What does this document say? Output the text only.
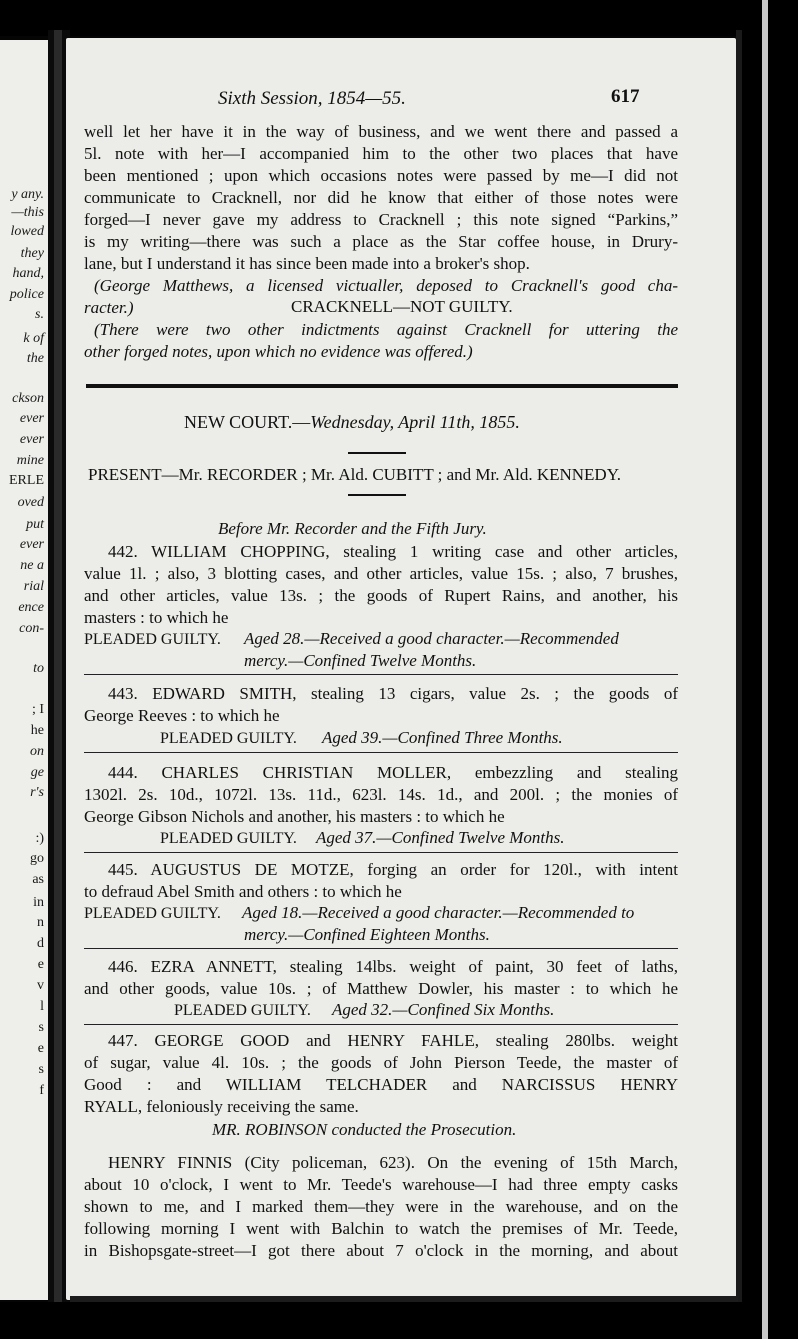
y any.
—this
lowed
they
hand,
police
s.
k of
the
ckson
ever
ever
mine
ERLE
oved
put
ever
ne a
rial
ence
con-
to
; I
he
on
ge
r's
:)
go
as
in
n
d
e
v
l
s
e
s
f
Sixth Session, 1854—55.	617
well let her have it in the way of business, and we went there and passed a
5l. note with her—I accompanied him to the other two places that have
been mentioned ; upon which occasions notes were passed by me—I did not
communicate to Cracknell, nor did he know that either of those notes were
forged—I never gave my address to Cracknell ; this note signed “Parkins,”
is my writing—there was such a place as the Star coffee house, in Drury-
lane, but I understand it has since been made into a broker's shop.
(George Matthews, a licensed victualler, deposed to Cracknell's good cha-
racter.)	CRACKNELL—NOT GUILTY.
(There were two other indictments against Cracknell for uttering the
other forged notes, upon which no evidence was offered.)
NEW COURT.—Wednesday, April 11th, 1855.
PRESENT—Mr. RECORDER ; Mr. Ald. CUBITT ; and Mr. Ald. KENNEDY.
Before Mr. Recorder and the Fifth Jury.
442. WILLIAM CHOPPING, stealing 1 writing case and other articles,
value 1l. ; also, 3 blotting cases, and other articles, value 15s. ; also, 7 brushes,
and other articles, value 13s. ; the goods of Rupert Rains, and another, his
masters : to which he
PLEADED GUILTY. Aged 28.—Received a good character.—Recommended
mercy.—Confined Twelve Months.
443. EDWARD SMITH, stealing 13 cigars, value 2s. ; the goods of
George Reeves : to which he
PLEADED GUILTY. Aged 39.—Confined Three Months.
444. CHARLES CHRISTIAN MOLLER, embezzling and stealing
1302l. 2s. 10d., 1072l. 13s. 11d., 623l. 14s. 1d., and 200l. ; the monies of
George Gibson Nichols and another, his masters : to which he
PLEADED GUILTY. Aged 37.—Confined Twelve Months.
445. AUGUSTUS DE MOTZE, forging an order for 120l., with intent
to defraud Abel Smith and others : to which he
PLEADED GUILTY. Aged 18.—Received a good character.—Recommended to
mercy.—Confined Eighteen Months.
446. EZRA ANNETT, stealing 14lbs. weight of paint, 30 feet of laths,
and other goods, value 10s. ; of Matthew Dowler, his master : to which he
PLEADED GUILTY. Aged 32.—Confined Six Months.
447. GEORGE GOOD and HENRY FAHLE, stealing 280lbs. weight
of sugar, value 4l. 10s. ; the goods of John Pierson Teede, the master of
Good : and WILLIAM TELCHADER and NARCISSUS HENRY
RYALL, feloniously receiving the same.
MR. ROBINSON conducted the Prosecution.
HENRY FINNIS (City policeman, 623). On the evening of 15th March,
about 10 o'clock, I went to Mr. Teede's warehouse—I had three empty casks
shown to me, and I marked them—they were in the warehouse, and on the
following morning I went with Balchin to watch the premises of Mr. Teede,
in Bishopsgate-street—I got there about 7 o'clock in the morning, and about
